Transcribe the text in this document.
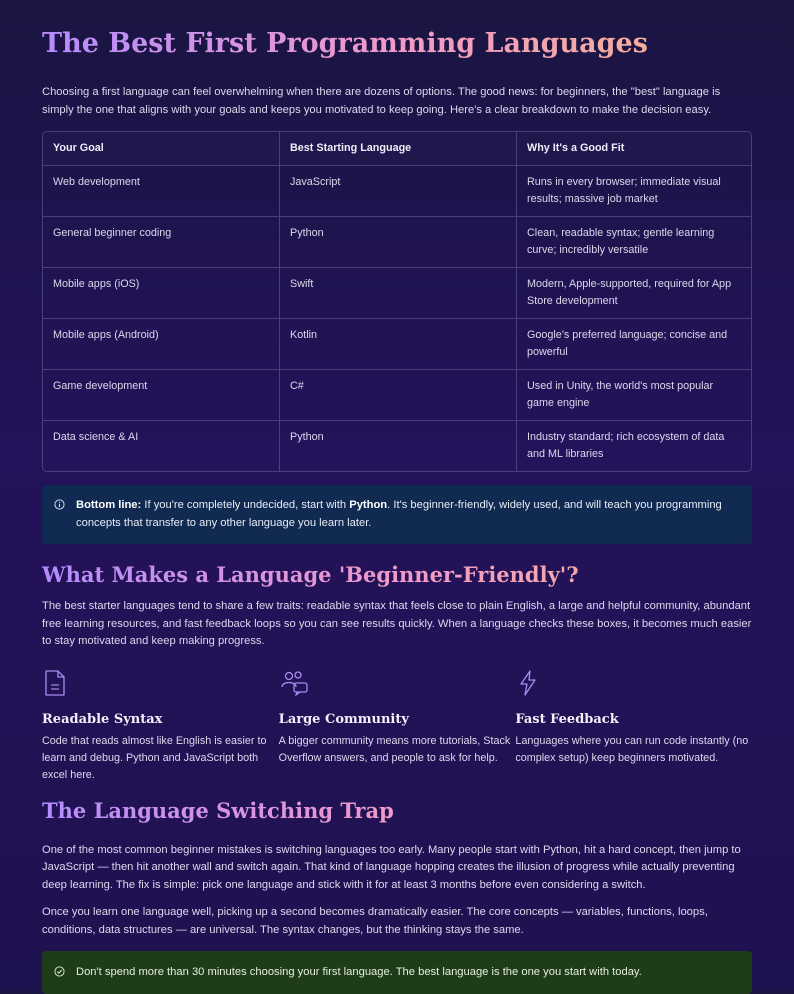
The Best First Programming Languages

Choosing a first language can feel overwhelming when there are dozens of options. The good news: for beginners, the "best" language is simply the one that aligns with your goals and keeps you motivated to keep going. Here's a clear breakdown to make the decision easy.

Your Goal	Best Starting Language	Why It's a Good Fit
Web development	JavaScript	Runs in every browser; immediate visual results; massive job market
General beginner coding	Python	Clean, readable syntax; gentle learning curve; incredibly versatile
Mobile apps (iOS)	Swift	Modern, Apple-supported, required for App Store development
Mobile apps (Android)	Kotlin	Google's preferred language; concise and powerful
Game development	C#	Used in Unity, the world's most popular game engine
Data science & AI	Python	Industry standard; rich ecosystem of data and ML libraries
Bottom line: If you're completely undecided, start with Python. It's beginner-friendly, widely used, and will teach you programming concepts that transfer to any other language you learn later.
What Makes a Language 'Beginner-Friendly'?

The best starter languages tend to share a few traits: readable syntax that feels close to plain English, a large and helpful community, abundant free learning resources, and fast feedback loops so you can see results quickly. When a language checks these boxes, it becomes much easier to stay motivated and keep making progress.

Readable Syntax

Code that reads almost like English is easier to learn and debug. Python and JavaScript both excel here.

Large Community

A bigger community means more tutorials, Stack Overflow answers, and people to ask for help.

Fast Feedback

Languages where you can run code instantly (no complex setup) keep beginners motivated.

The Language Switching Trap

One of the most common beginner mistakes is switching languages too early. Many people start with Python, hit a hard concept, then jump to JavaScript — then hit another wall and switch again. That kind of language hopping creates the illusion of progress while actually preventing deep learning. The fix is simple: pick one language and stick with it for at least 3 months before even considering a switch.

Once you learn one language well, picking up a second becomes dramatically easier. The core concepts — variables, functions, loops, conditions, data structures — are universal. The syntax changes, but the thinking stays the same.

Don't spend more than 30 minutes choosing your first language. The best language is the one you start with today.
